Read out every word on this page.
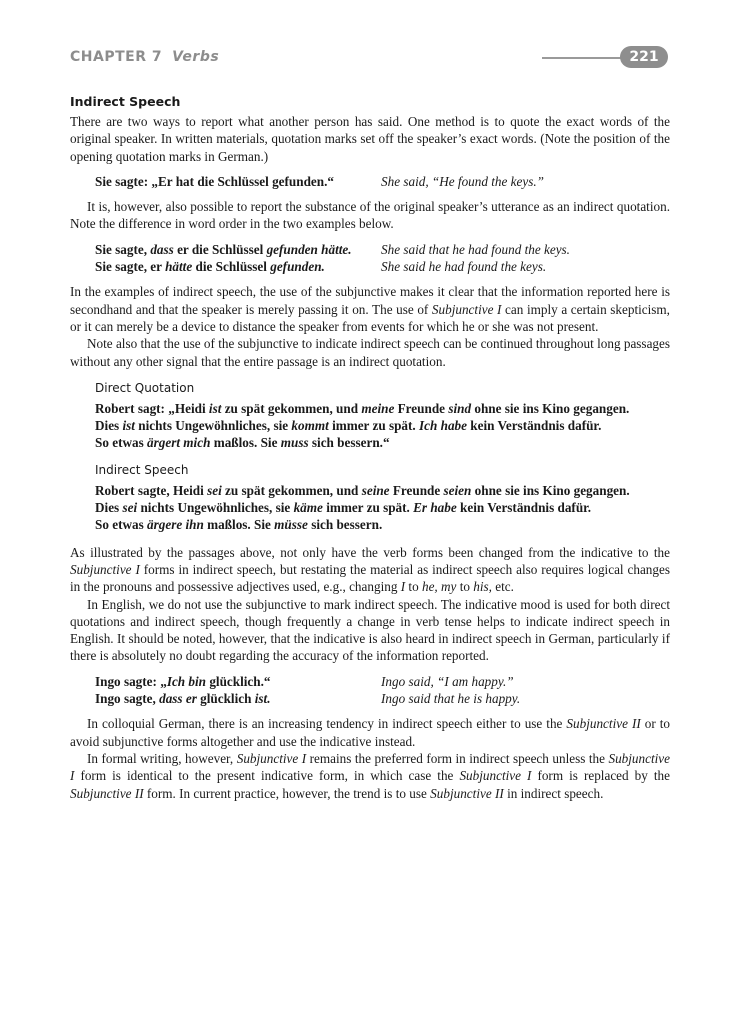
CHAPTER 7 Verbs	221
Indirect Speech

There are two ways to report what another person has said. One method is to quote the exact words of the original speaker. In written materials, quotation marks set off the speaker’s exact words. (Note the position of the opening quotation marks in German.)

Sie sagte: „Er hat die Schlüssel gefunden.“	She said, “He found the keys.”

It is, however, also possible to report the substance of the original speaker’s utterance as an indirect quotation. Note the difference in word order in the two examples below.

Sie sagte, dass er die Schlüssel gefunden hätte.	She said that he had found the keys.
Sie sagte, er hätte die Schlüssel gefunden.	She said he had found the keys.

In the examples of indirect speech, the use of the subjunctive makes it clear that the information reported here is secondhand and that the speaker is merely passing it on. The use of Subjunctive I can imply a certain skepticism, or it can merely be a device to distance the speaker from events for which he or she was not present.

Note also that the use of the subjunctive to indicate indirect speech can be continued throughout long passages without any other signal that the entire passage is an indirect quotation.

Direct Quotation
Robert sagt: „Heidi ist zu spät gekommen, und meine Freunde sind ohne sie ins Kino gegangen.
Dies ist nichts Ungewöhnliches, sie kommt immer zu spät. Ich habe kein Verständnis dafür.
So etwas ärgert mich maßlos. Sie muss sich bessern.“
Indirect Speech
Robert sagte, Heidi sei zu spät gekommen, und seine Freunde seien ohne sie ins Kino gegangen.
Dies sei nichts Ungewöhnliches, sie käme immer zu spät. Er habe kein Verständnis dafür.
So etwas ärgere ihn maßlos. Sie müsse sich bessern.

As illustrated by the passages above, not only have the verb forms been changed from the indicative to the Subjunctive I forms in indirect speech, but restating the material as indirect speech also requires logical changes in the pronouns and possessive adjectives used, e.g., changing I to he, my to his, etc.

In English, we do not use the subjunctive to mark indirect speech. The indicative mood is used for both direct quotations and indirect speech, though frequently a change in verb tense helps to indicate indirect speech in English. It should be noted, however, that the indicative is also heard in indirect speech in German, particularly if there is absolutely no doubt regarding the accuracy of the information reported.

Ingo sagte: „Ich bin glücklich.“	Ingo said, “I am happy.”
Ingo sagte, dass er glücklich ist.	Ingo said that he is happy.

In colloquial German, there is an increasing tendency in indirect speech either to use the Subjunctive II or to avoid subjunctive forms altogether and use the indicative instead.

In formal writing, however, Subjunctive I remains the preferred form in indirect speech unless the Subjunctive I form is identical to the present indicative form, in which case the Subjunctive I form is replaced by the Subjunctive II form. In current practice, however, the trend is to use Subjunctive II in indirect speech.
